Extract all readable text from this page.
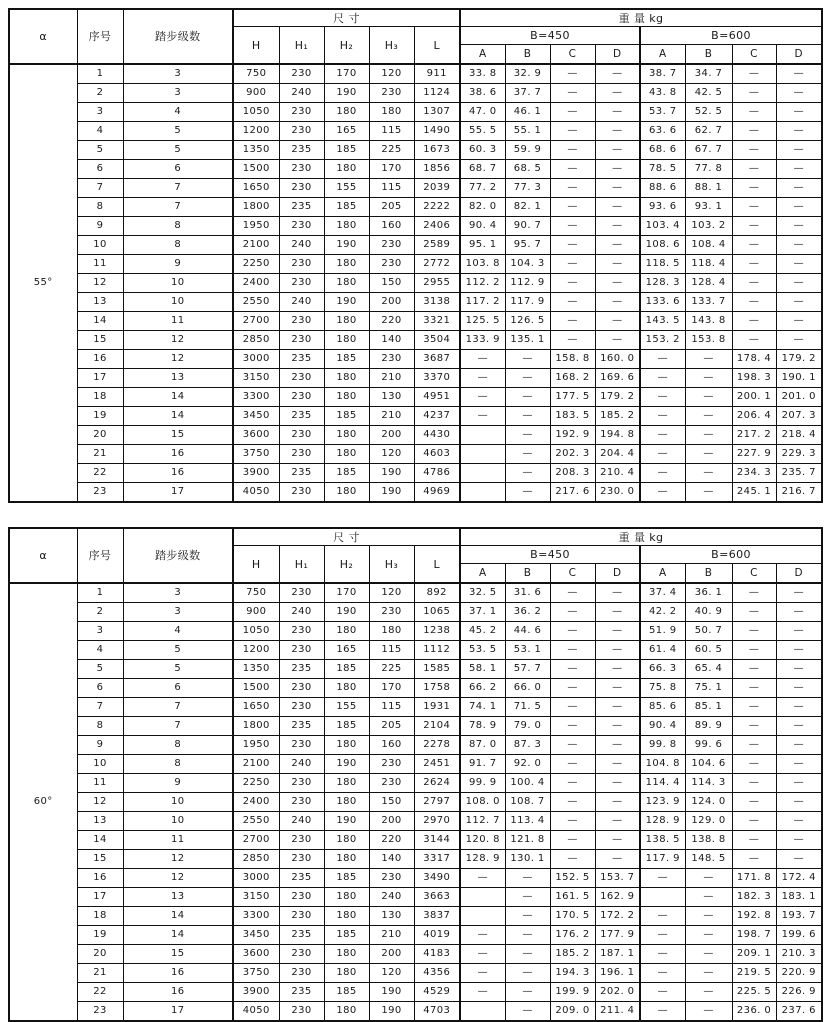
α	序号	踏步级数	尺 寸					重 量 kg							
			H	H₁	H₂	H₃	L	B=450				B=600			
								A	B	C	D	A	B	C	D
55°	1	3	750	230	170	120	911	33. 8	32. 9	—	—	38. 7	34. 7	—	—
	2	3	900	240	190	230	1124	38. 6	37. 7	—	—	43. 8	42. 5	—	—
	3	4	1050	230	180	180	1307	47. 0	46. 1	—	—	53. 7	52. 5	—	—
	4	5	1200	230	165	115	1490	55. 5	55. 1	—	—	63. 6	62. 7	—	—
	5	5	1350	235	185	225	1673	60. 3	59. 9	—	—	68. 6	67. 7	—	—
	6	6	1500	230	180	170	1856	68. 7	68. 5	—	—	78. 5	77. 8	—	—
	7	7	1650	230	155	115	2039	77. 2	77. 3	—	—	88. 6	88. 1	—	—
	8	7	1800	235	185	205	2222	82. 0	82. 1	—	—	93. 6	93. 1	—	—
	9	8	1950	230	180	160	2406	90. 4	90. 7	—	—	103. 4	103. 2	—	—
	10	8	2100	240	190	230	2589	95. 1	95. 7	—	—	108. 6	108. 4	—	—
	11	9	2250	230	180	230	2772	103. 8	104. 3	—	—	118. 5	118. 4	—	—
	12	10	2400	230	180	150	2955	112. 2	112. 9	—	—	128. 3	128. 4	—	—
	13	10	2550	240	190	200	3138	117. 2	117. 9	—	—	133. 6	133. 7	—	—
	14	11	2700	230	180	220	3321	125. 5	126. 5	—	—	143. 5	143. 8	—	—
	15	12	2850	230	180	140	3504	133. 9	135. 1	—	—	153. 2	153. 8	—	—
	16	12	3000	235	185	230	3687	—	—	158. 8	160. 0	—	—	178. 4	179. 2
	17	13	3150	230	180	210	3370	—	—	168. 2	169. 6	—	—	198. 3	190. 1
	18	14	3300	230	180	130	4951	—	—	177. 5	179. 2	—	—	200. 1	201. 0
	19	14	3450	235	185	210	4237	—	—	183. 5	185. 2	—	—	206. 4	207. 3
	20	15	3600	230	180	200	4430		—	192. 9	194. 8	—	—	217. 2	218. 4
	21	16	3750	230	180	120	4603		—	202. 3	204. 4	—	—	227. 9	229. 3
	22	16	3900	235	185	190	4786		—	208. 3	210. 4	—	—	234. 3	235. 7
	23	17	4050	230	180	190	4969		—	217. 6	230. 0	—	—	245. 1	216. 7
α	序号	踏步级数	尺 寸					重 量 kg							
			H	H₁	H₂	H₃	L	B=450				B=600			
								A	B	C	D	A	B	C	D
60°	1	3	750	230	170	120	892	32. 5	31. 6	—	—	37. 4	36. 1	—	—
	2	3	900	240	190	230	1065	37. 1	36. 2	—	—	42. 2	40. 9	—	—
	3	4	1050	230	180	180	1238	45. 2	44. 6	—	—	51. 9	50. 7	—	—
	4	5	1200	230	165	115	1112	53. 5	53. 1	—	—	61. 4	60. 5	—	—
	5	5	1350	235	185	225	1585	58. 1	57. 7	—	—	66. 3	65. 4	—	—
	6	6	1500	230	180	170	1758	66. 2	66. 0	—	—	75. 8	75. 1	—	—
	7	7	1650	230	155	115	1931	74. 1	71. 5	—	—	85. 6	85. 1	—	—
	8	7	1800	235	185	205	2104	78. 9	79. 0	—	—	90. 4	89. 9	—	—
	9	8	1950	230	180	160	2278	87. 0	87. 3	—	—	99. 8	99. 6	—	—
	10	8	2100	240	190	230	2451	91. 7	92. 0	—	—	104. 8	104. 6	—	—
	11	9	2250	230	180	230	2624	99. 9	100. 4	—	—	114. 4	114. 3	—	—
	12	10	2400	230	180	150	2797	108. 0	108. 7	—	—	123. 9	124. 0	—	—
	13	10	2550	240	190	200	2970	112. 7	113. 4	—	—	128. 9	129. 0	—	—
	14	11	2700	230	180	220	3144	120. 8	121. 8	—	—	138. 5	138. 8	—	—
	15	12	2850	230	180	140	3317	128. 9	130. 1	—	—	117. 9	148. 5	—	—
	16	12	3000	235	185	230	3490	—	—	152. 5	153. 7	—	—	171. 8	172. 4
	17	13	3150	230	180	240	3663		—	161. 5	162. 9		—	182. 3	183. 1
	18	14	3300	230	180	130	3837		—	170. 5	172. 2	—	—	192. 8	193. 7
	19	14	3450	235	185	210	4019	—	—	176. 2	177. 9	—	—	198. 7	199. 6
	20	15	3600	230	180	200	4183	—	—	185. 2	187. 1	—	—	209. 1	210. 3
	21	16	3750	230	180	120	4356	—	—	194. 3	196. 1	—	—	219. 5	220. 9
	22	16	3900	235	185	190	4529	—	—	199. 9	202. 0	—	—	225. 5	226. 9
	23	17	4050	230	180	190	4703		—	209. 0	211. 4	—	—	236. 0	237. 6
